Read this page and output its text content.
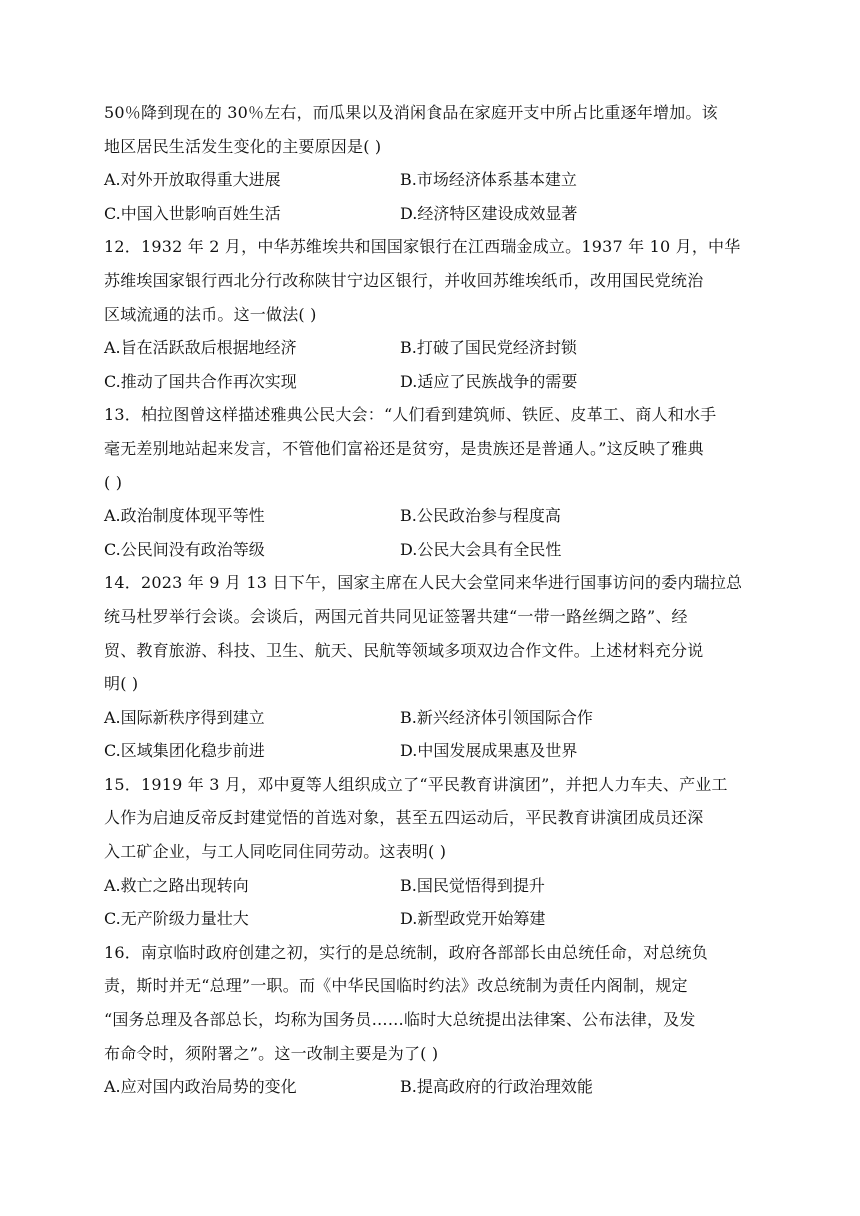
50％降到现在的 30％左右，而瓜果以及消闲食品在家庭开支中所占比重逐年增加。该
地区居民生活发生变化的主要原因是( )
A.对外开放取得重大进展	B.市场经济体系基本建立
C.中国入世影响百姓生活	D.经济特区建设成效显著
12．1932 年 2 月，中华苏维埃共和国国家银行在江西瑞金成立。1937 年 10 月，中华
苏维埃国家银行西北分行改称陕甘宁边区银行，并收回苏维埃纸币，改用国民党统治
区域流通的法币。这一做法( )
A.旨在活跃敌后根据地经济	B.打破了国民党经济封锁
C.推动了国共合作再次实现	D.适应了民族战争的需要
13．柏拉图曾这样描述雅典公民大会：“人们看到建筑师、铁匠、皮革工、商人和水手
毫无差别地站起来发言，不管他们富裕还是贫穷，是贵族还是普通人。”这反映了雅典
( )
A.政治制度体现平等性	B.公民政治参与程度高
C.公民间没有政治等级	D.公民大会具有全民性
14．2023 年 9 月 13 日下午，国家主席在人民大会堂同来华进行国事访问的委内瑞拉总
统马杜罗举行会谈。会谈后，两国元首共同见证签署共建“一带一路丝绸之路”、经
贸、教育旅游、科技、卫生、航天、民航等领域多项双边合作文件。上述材料充分说
明( )
A.国际新秩序得到建立	B.新兴经济体引领国际合作
C.区域集团化稳步前进	D.中国发展成果惠及世界
15．1919 年 3 月，邓中夏等人组织成立了“平民教育讲演团”，并把人力车夫、产业工
人作为启迪反帝反封建觉悟的首选对象，甚至五四运动后，平民教育讲演团成员还深
入工矿企业，与工人同吃同住同劳动。这表明( )
A.救亡之路出现转向	B.国民觉悟得到提升
C.无产阶级力量壮大	D.新型政党开始筹建
16．南京临时政府创建之初，实行的是总统制，政府各部部长由总统任命，对总统负
责，斯时并无“总理”一职。而《中华民国临时约法》改总统制为责任内阁制，规定
“国务总理及各部总长，均称为国务员……临时大总统提出法律案、公布法律，及发
布命令时，须附署之”。这一改制主要是为了( )
A.应对国内政治局势的变化	B.提高政府的行政治理效能
